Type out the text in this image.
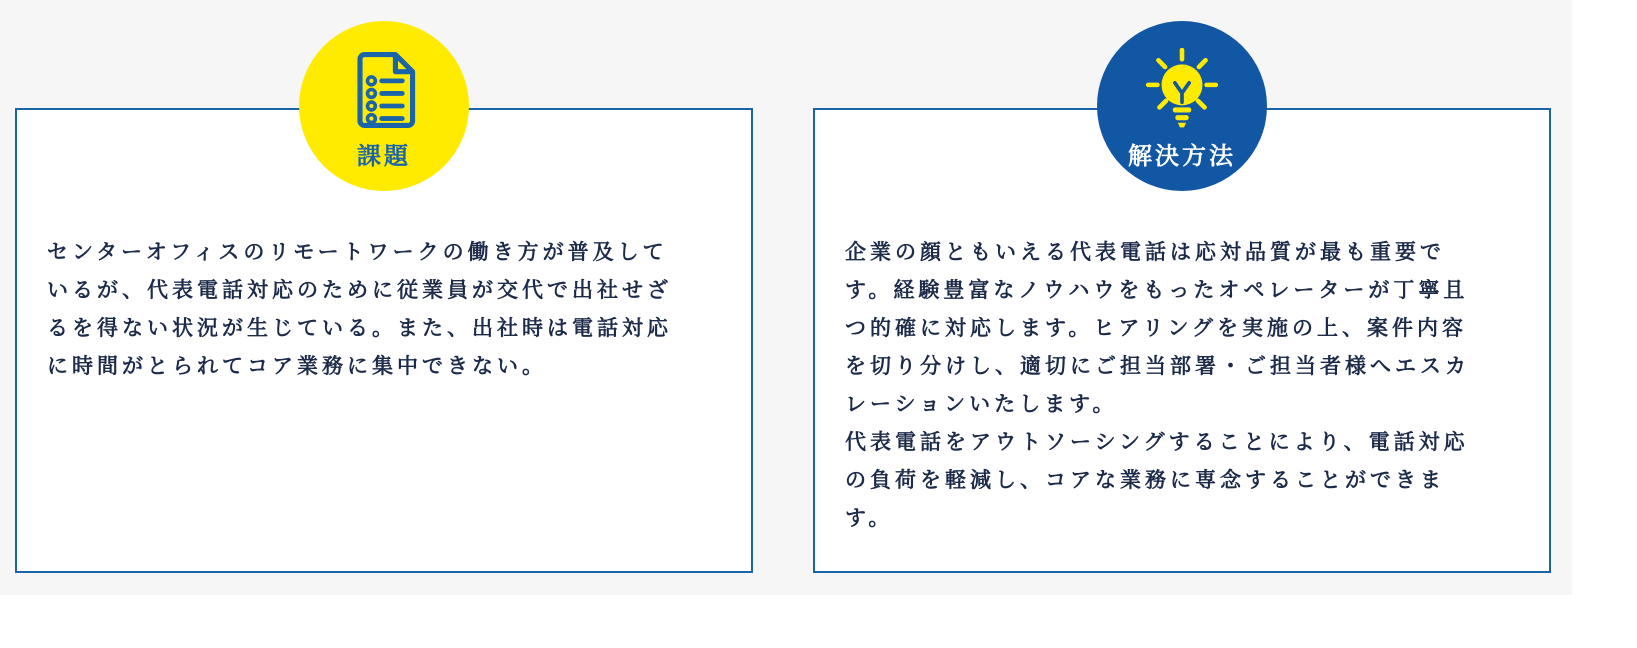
センターオフィスのリモートワークの働き方が普及して
いるが、代表電話対応のために従業員が交代で出社せざ
るを得ない状況が生じている。また、出社時は電話対応
に時間がとられてコア業務に集中できない。

課題

企業の顔ともいえる代表電話は応対品質が最も重要で
す。経験豊富なノウハウをもったオペレーターが丁寧且
つ的確に対応します。ヒアリングを実施の上、案件内容
を切り分けし、適切にご担当部署・ご担当者様へエスカ
レーションいたします。
代表電話をアウトソーシングすることにより、電話対応
の負荷を軽減し、コアな業務に専念することができま
す。

解決方法
